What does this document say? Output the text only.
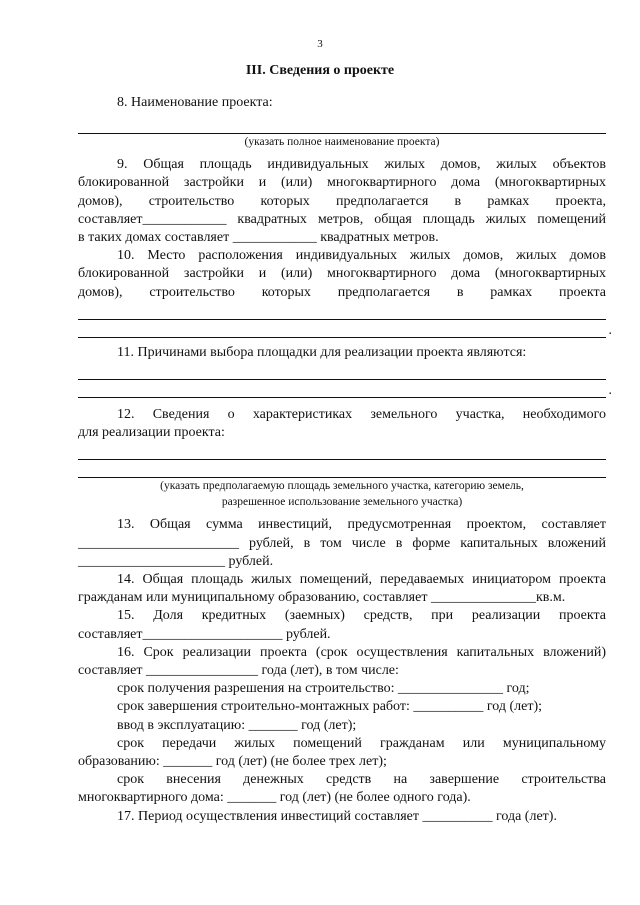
3
III. Сведения о проекте

8. Наименование проекта:

(указать полное наименование проекта)

9. Общая площадь индивидуальных жилых домов, жилых объектов

блокированной застройки и (или) многоквартирного дома (многоквартирных

домов), строительство которых предполагается в рамках проекта,

составляет____________ квадратных метров, общая площадь жилых помещений

в таких домах составляет ____________ квадратных метров.

10. Место расположения индивидуальных жилых домов, жилых домов

блокированной застройки и (или) многоквартирного дома (многоквартирных

домов), строительство которых предполагается в рамках проекта

.

11. Причинами выбора площадки для реализации проекта являются:

.

12. Сведения о характеристиках земельного участка, необходимого

для реализации проекта:

(указать предполагаемую площадь земельного участка, категорию земель,

разрешенное использование земельного участка)

13. Общая сумма инвестиций, предусмотренная проектом, составляет

_______________________ рублей, в том числе в форме капитальных вложений

_____________________ рублей.

14. Общая площадь жилых помещений, передаваемых инициатором проекта

гражданам или муниципальному образованию, составляет _______________кв.м.

15. Доля кредитных (заемных) средств, при реализации проекта

составляет____________________ рублей.

16. Срок реализации проекта (срок осуществления капитальных вложений)

составляет ________________ года (лет), в том числе:

срок получения разрешения на строительство: _______________ год;

срок завершения строительно-монтажных работ: __________ год (лет);

ввод в эксплуатацию: _______ год (лет);

срок передачи жилых помещений гражданам или муниципальному

образованию: _______ год (лет) (не более трех лет);

срок внесения денежных средств на завершение строительства

многоквартирного дома: _______ год (лет) (не более одного года).

17. Период осуществления инвестиций составляет __________ года (лет).
